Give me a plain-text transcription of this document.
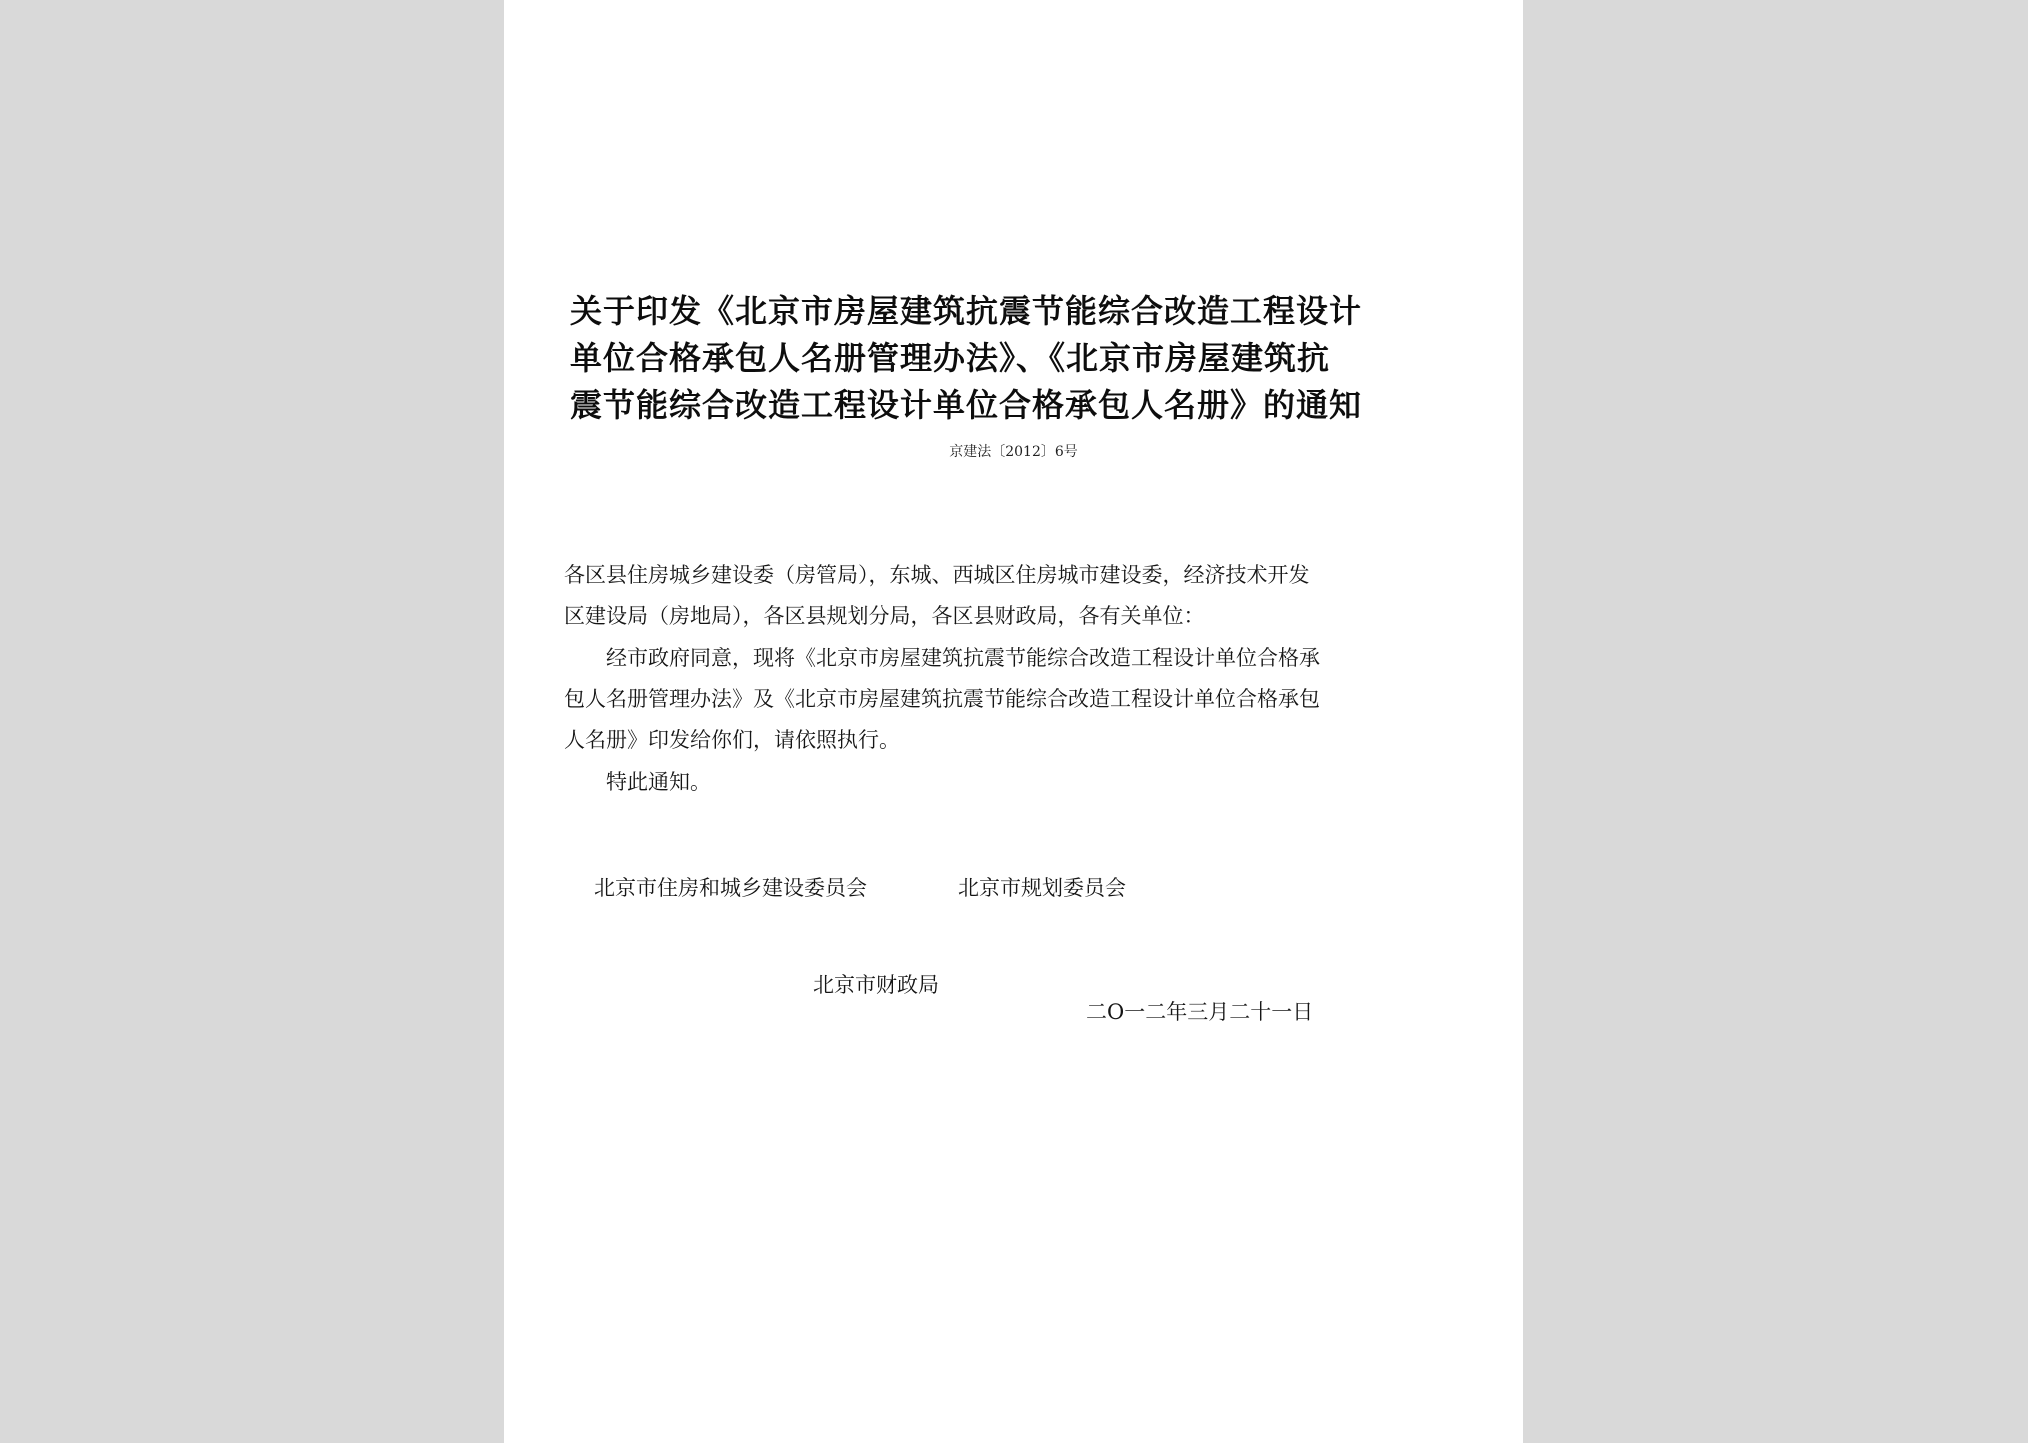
关于印发《北京市房屋建筑抗震节能综合改造工程设计
单位合格承包人名册管理办法》、《北京市房屋建筑抗
震节能综合改造工程设计单位合格承包人名册》的通知
京建法〔2012〕6号
各区县住房城乡建设委（房管局），东城、西城区住房城市建设委，经济技术开发
区建设局（房地局），各区县规划分局，各区县财政局，各有关单位：
经市政府同意，现将《北京市房屋建筑抗震节能综合改造工程设计单位合格承
包人名册管理办法》及《北京市房屋建筑抗震节能综合改造工程设计单位合格承包
人名册》印发给你们，请依照执行。
特此通知。
北京市住房和城乡建设委员会	北京市规划委员会
北京市财政局
二O一二年三月二十一日
